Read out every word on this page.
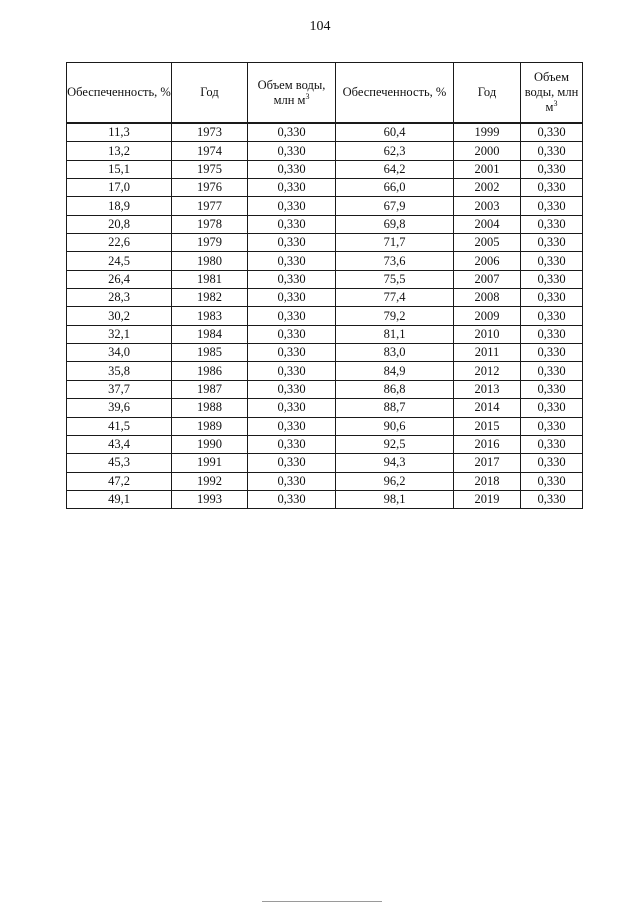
104
Обеспеченность, %	Год	Объем воды, млн $м^3$	Обеспеченность, %	Год	Объем воды, млн $м^3$
11,3	1973	0,330	60,4	1999	0,330
13,2	1974	0,330	62,3	2000	0,330
15,1	1975	0,330	64,2	2001	0,330
17,0	1976	0,330	66,0	2002	0,330
18,9	1977	0,330	67,9	2003	0,330
20,8	1978	0,330	69,8	2004	0,330
22,6	1979	0,330	71,7	2005	0,330
24,5	1980	0,330	73,6	2006	0,330
26,4	1981	0,330	75,5	2007	0,330
28,3	1982	0,330	77,4	2008	0,330
30,2	1983	0,330	79,2	2009	0,330
32,1	1984	0,330	81,1	2010	0,330
34,0	1985	0,330	83,0	2011	0,330
35,8	1986	0,330	84,9	2012	0,330
37,7	1987	0,330	86,8	2013	0,330
39,6	1988	0,330	88,7	2014	0,330
41,5	1989	0,330	90,6	2015	0,330
43,4	1990	0,330	92,5	2016	0,330
45,3	1991	0,330	94,3	2017	0,330
47,2	1992	0,330	96,2	2018	0,330
49,1	1993	0,330	98,1	2019	0,330
